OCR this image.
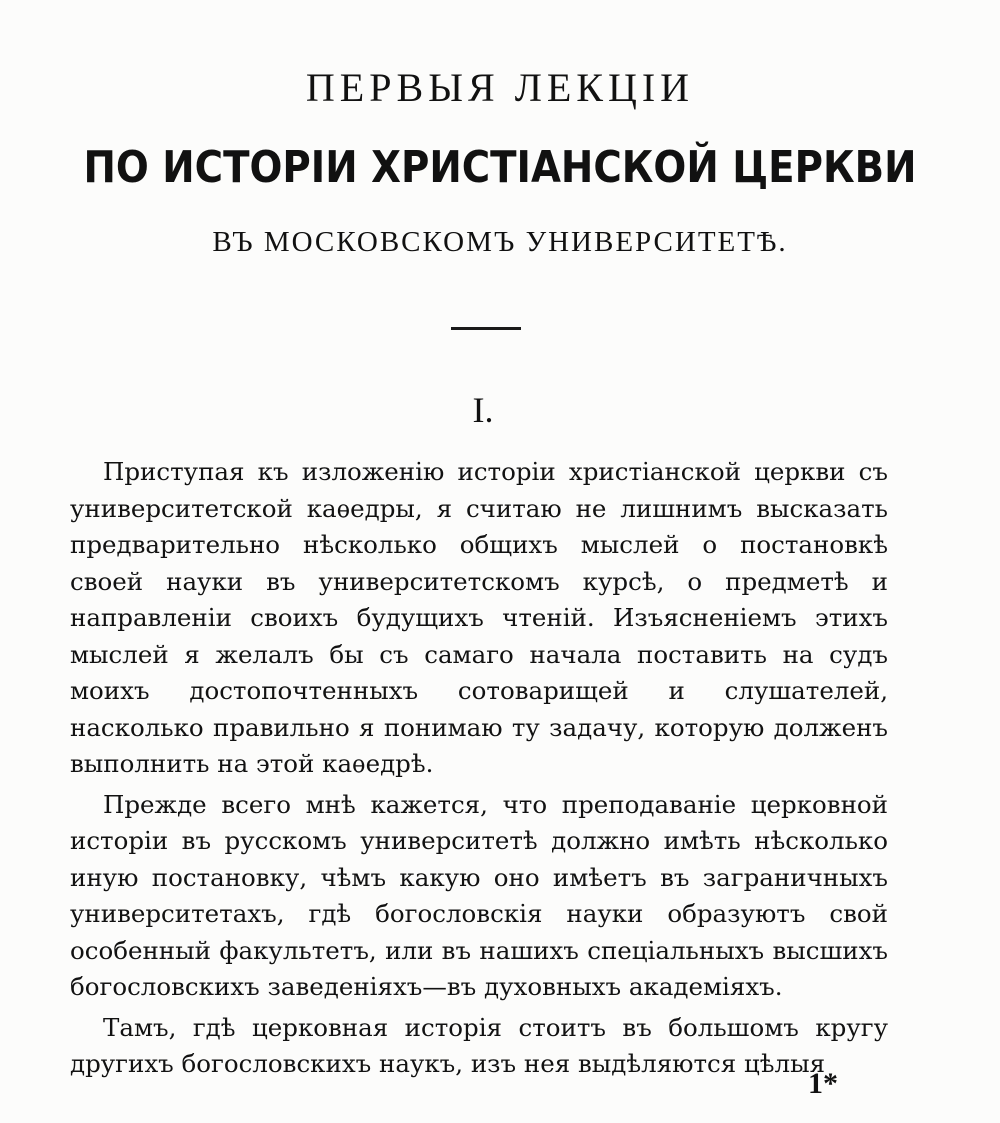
ПЕРВЫЯ ЛЕКЦІИ
ПО ИСТОРІИ ХРИСТІАНСКОЙ ЦЕРКВИ
ВЪ МОСКОВСКОМЪ УНИВЕРСИТЕТѢ.
I.

Приступая къ изложенію исторіи христіанской церкви съ университетской каѳедры, я считаю не лишнимъ высказать предварительно нѣсколько общихъ мыслей о постановкѣ своей науки въ университетскомъ курсѣ, о предметѣ и направленіи своихъ будущихъ чтеній. Изъясненіемъ этихъ мыслей я желалъ бы съ самаго начала поставить на судъ моихъ достопочтенныхъ сотоварищей и слушателей, насколько правильно я понимаю ту задачу, которую долженъ выполнить на этой каѳедрѣ.

Прежде всего мнѣ кажется, что преподаваніе церковной исторіи въ русскомъ университетѣ должно имѣть нѣсколько иную постановку, чѣмъ какую оно имѣетъ въ заграничныхъ университетахъ, гдѣ богословскія науки образуютъ свой особенный факультетъ, или въ нашихъ спеціальныхъ высшихъ богословскихъ заведеніяхъ—въ духовныхъ академіяхъ.

Тамъ, гдѣ церковная исторія стоитъ въ большомъ кругу другихъ богословскихъ наукъ, изъ нея выдѣляются цѣлыя

1*
